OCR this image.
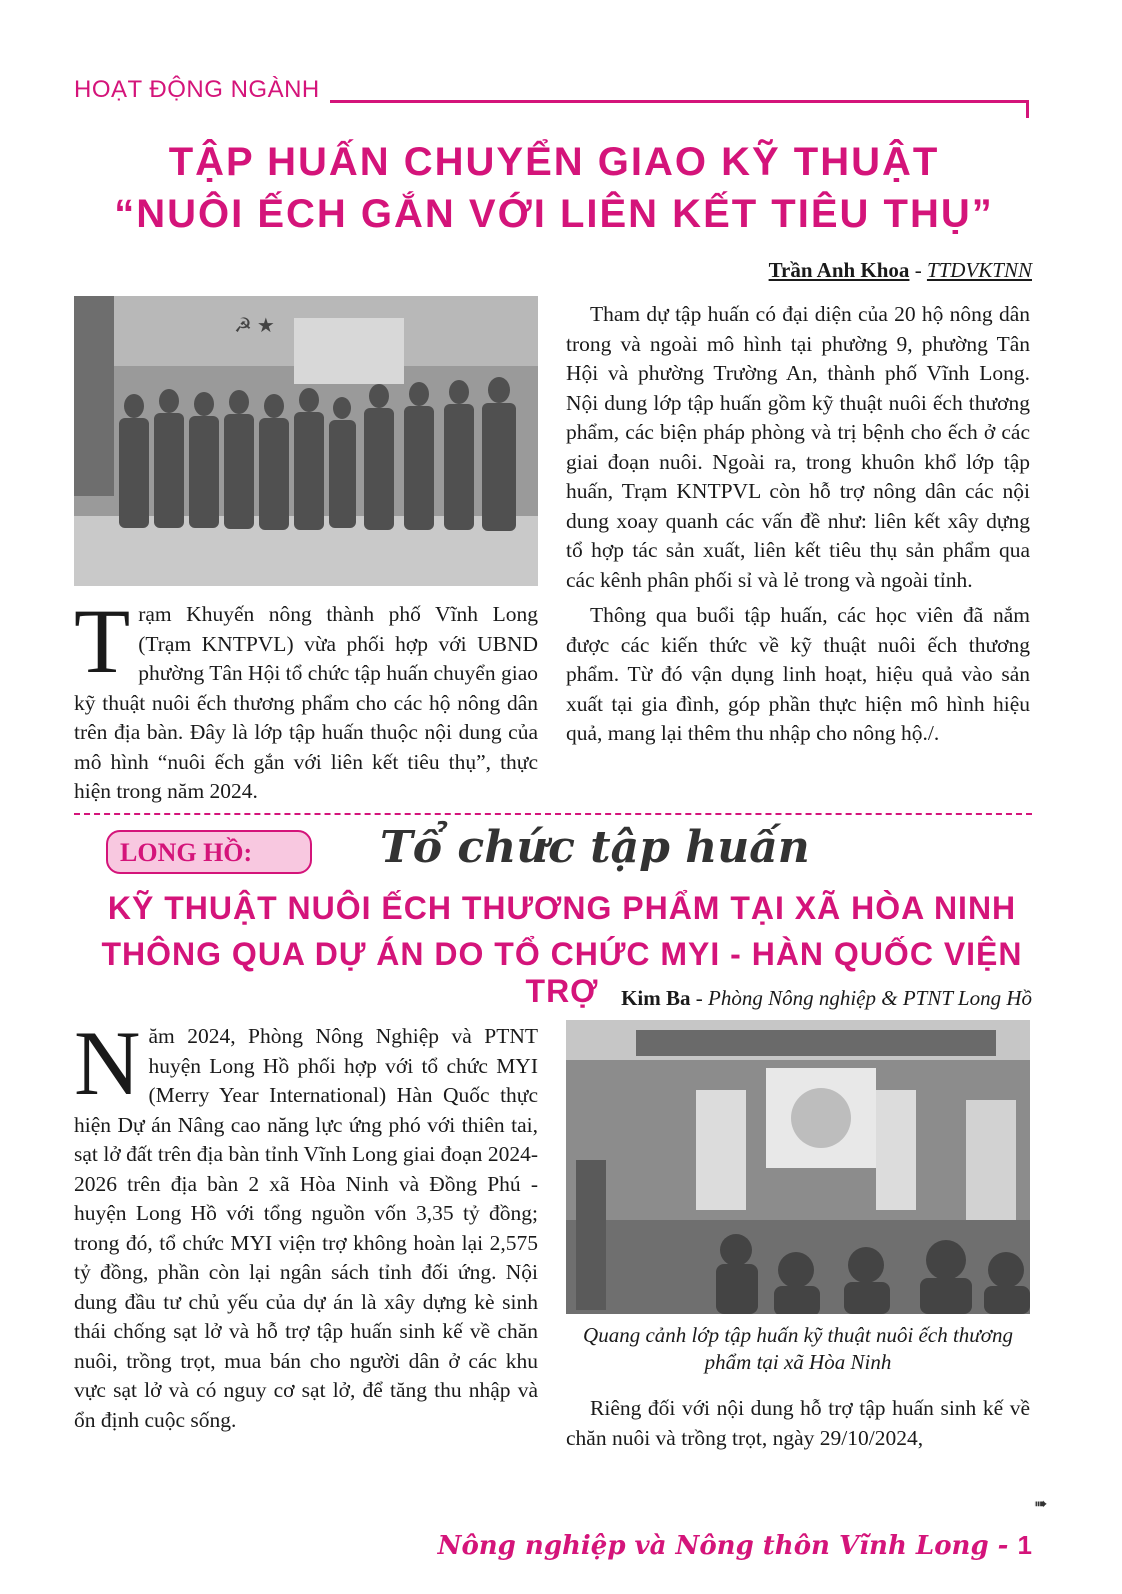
HOẠT ĐỘNG NGÀNH
TẬP HUẤN CHUYỂN GIAO KỸ THUẬT
“NUÔI ẾCH GẮN VỚI LIÊN KẾT TIÊU THỤ”
Trần Anh Khoa - TTDVKTNN
☭ ★
T rạm Khuyến nông thành phố Vĩnh Long (Trạm KNTPVL) vừa phối hợp với UBND phường Tân Hội tổ chức tập huấn chuyển giao kỹ thuật nuôi ếch thương phẩm cho các hộ nông dân trên địa bàn. Đây là lớp tập huấn thuộc nội dung của mô hình “nuôi ếch gắn với liên kết tiêu thụ”, thực hiện trong năm 2024.

Tham dự tập huấn có đại diện của 20 hộ nông dân trong và ngoài mô hình tại phường 9, phường Tân Hội và phường Trường An, thành phố Vĩnh Long. Nội dung lớp tập huấn gồm kỹ thuật nuôi ếch thương phẩm, các biện pháp phòng và trị bệnh cho ếch ở các giai đoạn nuôi. Ngoài ra, trong khuôn khổ lớp tập huấn, Trạm KNTPVL còn hỗ trợ nông dân các nội dung xoay quanh các vấn đề như: liên kết xây dựng tổ hợp tác sản xuất, liên kết tiêu thụ sản phẩm qua các kênh phân phối sỉ và lẻ trong và ngoài tỉnh.

Thông qua buổi tập huấn, các học viên đã nắm được các kiến thức về kỹ thuật nuôi ếch thương phẩm. Từ đó vận dụng linh hoạt, hiệu quả vào sản xuất tại gia đình, góp phần thực hiện mô hình hiệu quả, mang lại thêm thu nhập cho nông hộ./.

LONG HỒ:	Tổ chức tập huấn
KỸ THUẬT NUÔI ẾCH THƯƠNG PHẨM TẠI XÃ HÒA NINH
THÔNG QUA DỰ ÁN DO TỔ CHỨC MYI - HÀN QUỐC VIỆN TRỢ	Kim Ba - Phòng Nông nghiệp & PTNT Long Hồ
N ăm 2024, Phòng Nông Nghiệp và PTNT huyện Long Hồ phối hợp với tổ chức MYI (Merry Year International) Hàn Quốc thực hiện Dự án Nâng cao năng lực ứng phó với thiên tai, sạt lở đất trên địa bàn tỉnh Vĩnh Long giai đoạn 2024-2026 trên địa bàn 2 xã Hòa Ninh và Đồng Phú - huyện Long Hồ với tổng nguồn vốn 3,35 tỷ đồng; trong đó, tổ chức MYI viện trợ không hoàn lại 2,575 tỷ đồng, phần còn lại ngân sách tỉnh đối ứng. Nội dung đầu tư chủ yếu của dự án là xây dựng kè sinh thái chống sạt lở và hỗ trợ tập huấn sinh kế về chăn nuôi, trồng trọt, mua bán cho người dân ở các khu vực sạt lở và có nguy cơ sạt lở, để tăng thu nhập và ổn định cuộc sống.

Quang cảnh lớp tập huấn kỹ thuật nuôi ếch thương phẩm tại xã Hòa Ninh

Riêng đối với nội dung hỗ trợ tập huấn sinh kế về chăn nuôi và trồng trọt, ngày 29/10/2024,

➠
Nông nghiệp và Nông thôn Vĩnh Long - 1
